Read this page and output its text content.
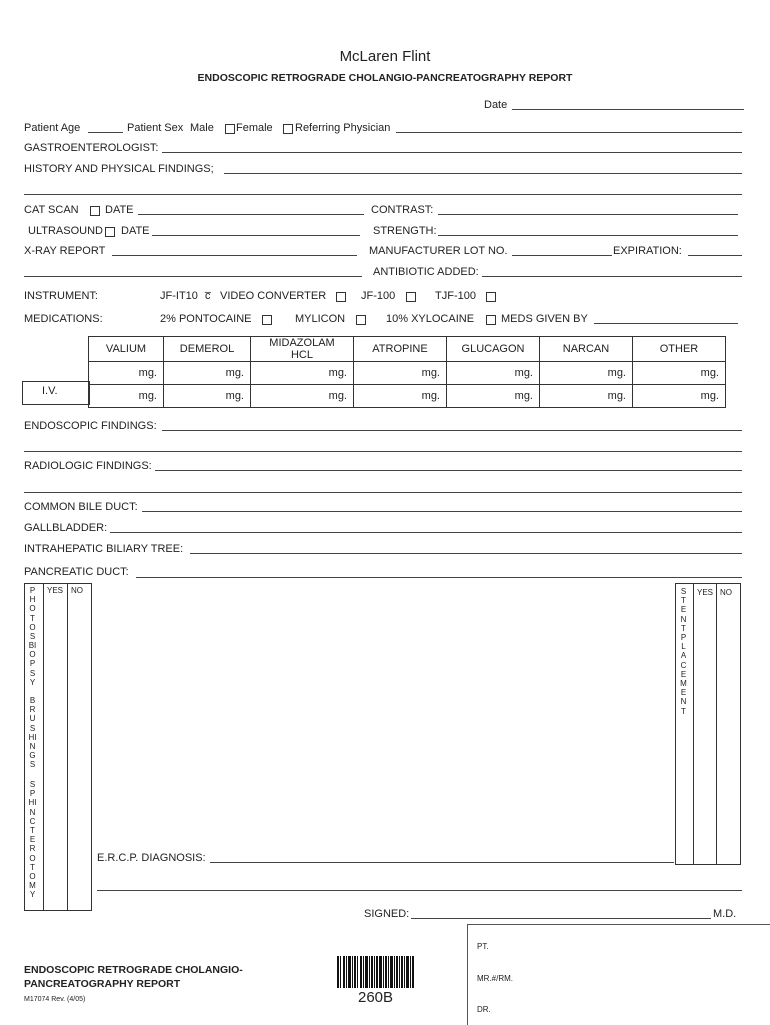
McLaren Flint
ENDOSCOPIC RETROGRADE CHOLANGIO-PANCREATOGRAPHY REPORT
Date
Patient Age	Patient Sex Male Female Referring Physician
GASTROENTEROLOGIST:
HISTORY AND PHYSICAL FINDINGS;
CAT SCAN DATE	CONTRAST:
ULTRASOUND DATE	STRENGTH:
X-RAY REPORT	MANUFACTURER LOT NO.	EXPIRATION:
ANTIBIOTIC ADDED:
INSTRUMENT:	JF-IT10 c̅ VIDEO CONVERTER	JF-100	TJF-100
MEDICATIONS:	2% PONTOCAINE	MYLICON	10% XYLOCAINE MEDS GIVEN BY
VALIUM	DEMEROL	MIDAZOLAM HCL	ATROPINE	GLUCAGON	NARCAN	OTHER
mg.	mg.	mg.	mg.	mg.	mg.	mg.
mg.	mg.	mg.	mg.	mg.	mg.	mg.
I.V.
ENDOSCOPIC FINDINGS:
RADIOLOGIC FINDINGS:
COMMON BILE DUCT:
GALLBLADDER:
INTRAHEPATIC BILIARY TREE:
PANCREATIC DUCT:
YES NO
PHOTOS
BIOPSY
BRUSHINGS
SPHINCTEROTOMY
YES NO
STENTPLACEMENT
E.R.C.P. DIAGNOSIS:
SIGNED:	M.D.
ENDOSCOPIC RETROGRADE CHOLANGIO-
PANCREATOGRAPHY REPORT
M17074 Rev. (4/05)	260B
PT.
MR.#/RM.
DR.
